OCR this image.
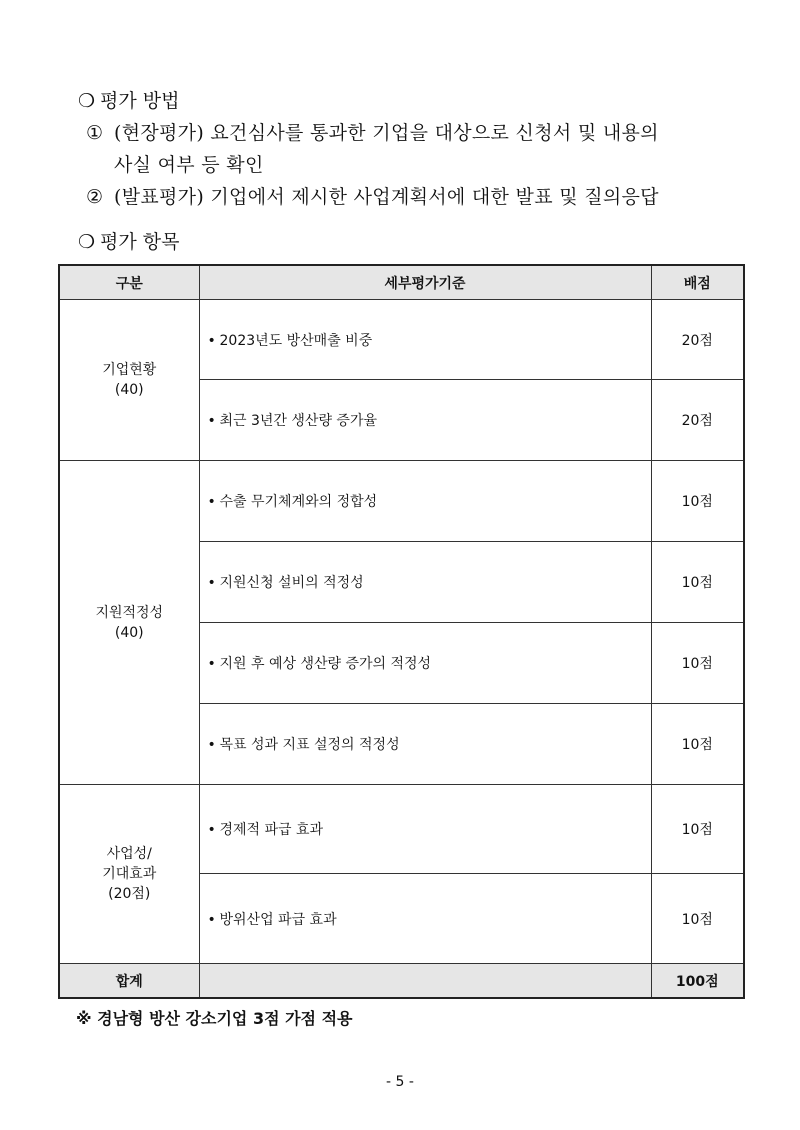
❍ 평가 방법
① (현장평가) 요건심사를 통과한 기업을 대상으로 신청서 및 내용의
사실 여부 등 확인
② (발표평가) 기업에서 제시한 사업계획서에 대한 발표 및 질의응답
❍ 평가 항목
구분	세부평가기준	배점

기업현황
(40)	• 2023년도 방산매출 비중	20점
	• 최근 3년간 생산량 증가율	20점

지원적정성
(40)	• 수출 무기체계와의 정합성	10점
	• 지원신청 설비의 적정성	10점
	• 지원 후 예상 생산량 증가의 적정성	10점
	• 목표 성과 지표 설정의 적정성	10점

사업성/
기대효과
(20점)	• 경제적 파급 효과	10점
	• 방위산업 파급 효과	10점
합계		100점
※ 경남형 방산 강소기업 3점 가점 적용
- 5 -
